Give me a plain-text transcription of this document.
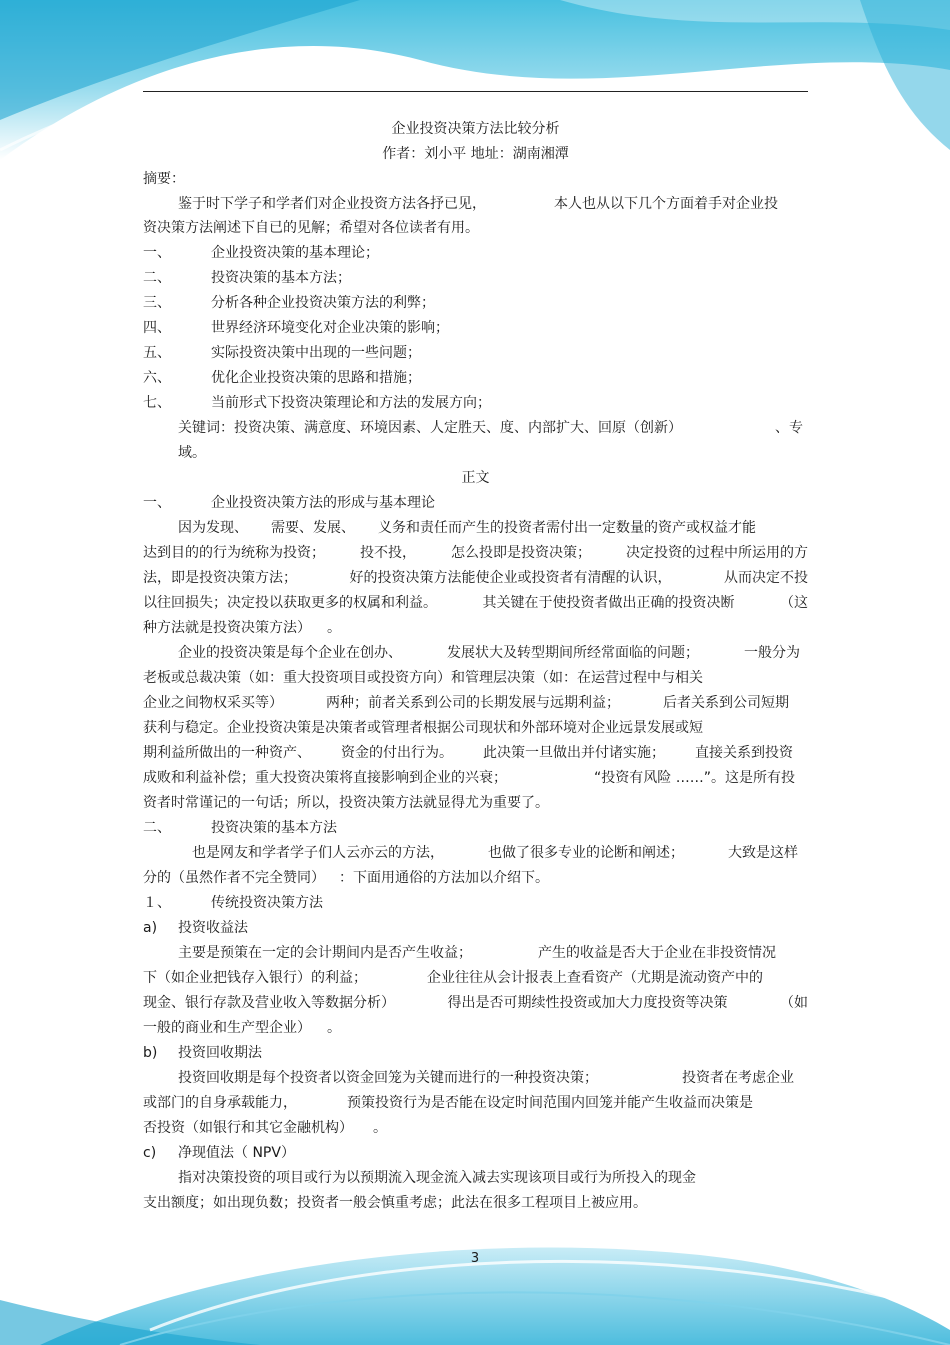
企业投资决策方法比较分析
作者：刘小平 地址：湖南湘潭
摘要：
鉴于时下学子和学者们对企业投资方法各抒已见，	本人也从以下几个方面着手对企业投
资决策方法阐述下自已的见解；希望对各位读者有用。
一、	企业投资决策的基本理论；
二、	投资决策的基本方法；
三、	分析各种企业投资决策方法的利弊；
四、	世界经济环境变化对企业决策的影响；
五、	实际投资决策中出现的一些问题；
六、	优化企业投资决策的思路和措施；
七、	当前形式下投资决策理论和方法的发展方向；
关键词：投资决策、满意度、环境因素、人定胜天、度、内部扩大、回原（创新）	、专
域。
正文
一、	企业投资决策方法的形成与基本理论
因为发现、 需要、发展、 义务和责任而产生的投资者需付出一定数量的资产或权益才能
达到目的的行为统称为投资；	投不投，	怎么投即是投资决策；	决定投资的过程中所运用的方
法，即是投资决策方法；	好的投资决策方法能使企业或投资者有清醒的认识，	从而决定不投
以往回损失；决定投以获取更多的权属和利益。	其关键在于使投资者做出正确的投资决断	（这
种方法就是投资决策方法） 。
企业的投资决策是每个企业在创办、	发展状大及转型期间所经常面临的问题；	一般分为
老板或总裁决策（如：重大投资项目或投资方向）和管理层决策（如：在运营过程中与相关
企业之间物权采买等）	两种；前者关系到公司的长期发展与远期利益；	后者关系到公司短期
获利与稳定。企业投资决策是决策者或管理者根据公司现状和外部环境对企业远景发展或短
期利益所做出的一种资产、 资金的付出行为。 此决策一旦做出并付诸实施； 直接关系到投资
成败和利益补偿；重大投资决策将直接影响到企业的兴衰；	“投资有风险 ……”。这是所有投
资者时常谨记的一句话；所以，投资决策方法就显得尤为重要了。
二、	投资决策的基本方法
也是网友和学者学子们人云亦云的方法，	也做了很多专业的论断和阐述；	大致是这样
分的（虽然作者不完全赞同） ：下面用通俗的方法加以介绍下。
１、	传统投资决策方法
a) 投资收益法
主要是预策在一定的会计期间内是否产生收益；	产生的收益是否大于企业在非投资情况
下（如企业把钱存入银行）的利益；	企业往往从会计报表上查看资产（尤期是流动资产中的
现金、银行存款及营业收入等数据分析）	得出是否可期续性投资或加大力度投资等决策	（如
一般的商业和生产型企业） 。
b) 投资回收期法
投资回收期是每个投资者以资金回笼为关键而进行的一种投资决策；	投资者在考虑企业
或部门的自身承载能力，	预策投资行为是否能在设定时间范围内回笼并能产生收益而决策是
否投资（如银行和其它金融机构） 。
c) 净现值法（ NPV）
指对决策投资的项目或行为以预期流入现金流入减去实现该项目或行为所投入的现金
支出额度；如出现负数；投资者一般会慎重考虑；此法在很多工程项目上被应用。
3
